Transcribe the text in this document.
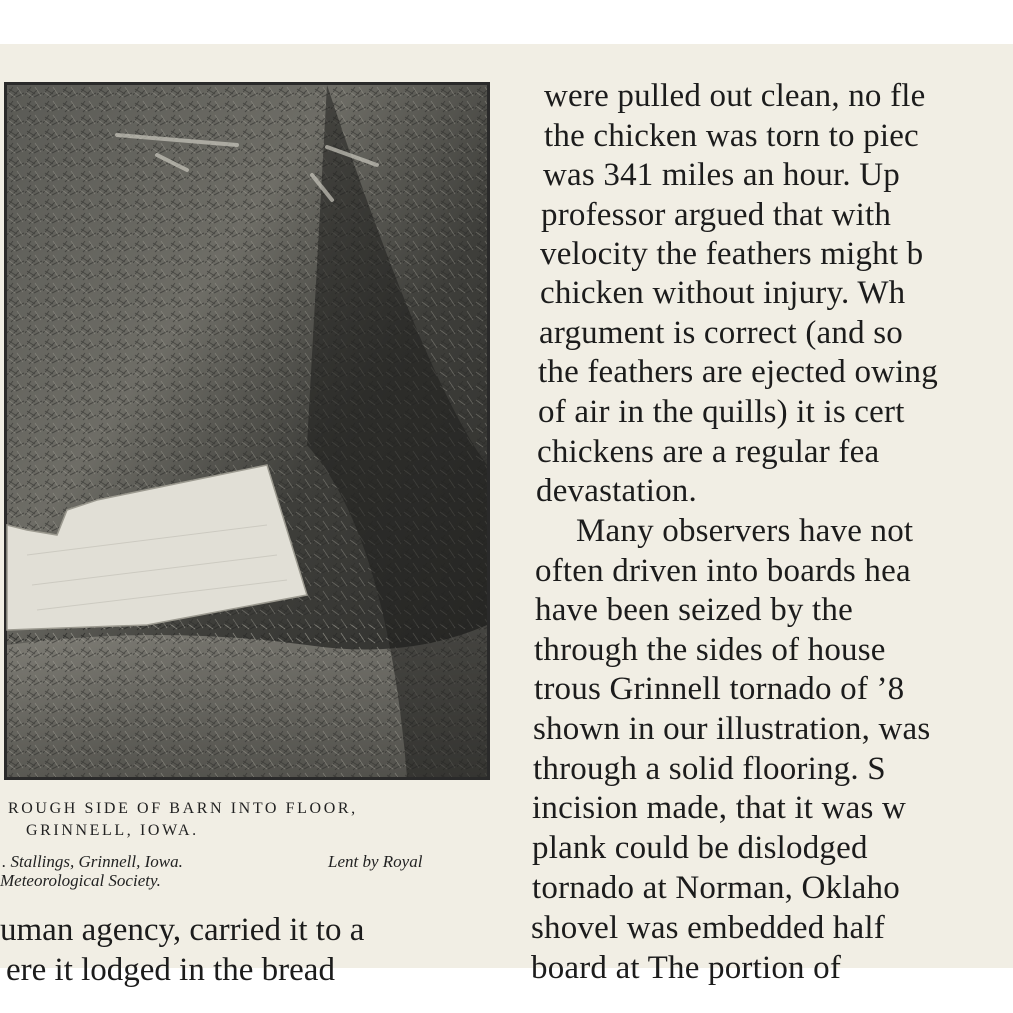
ROUGH SIDE OF BARN INTO FLOOR,
GRINNELL, IOWA.
. Stallings, Grinnell, Iowa.	Lent by Royal
Meteorological Society.
uman agency, carried it to a
ere it lodged in the bread
were pulled out clean, no fle
the chicken was torn to piec
was 341 miles an hour. Up
professor argued that with
velocity the feathers might b
chicken without injury. Wh
argument is correct (and so
the feathers are ejected owing
of air in the quills) it is cert
chickens are a regular fea
devastation.
Many observers have not
often driven into boards hea
have been seized by the
through the sides of house
trous Grinnell tornado of ’8
shown in our illustration, was
through a solid flooring. S
incision made, that it was w
plank could be dislodged
tornado at Norman, Oklaho
shovel was embedded half
board at The portion of
